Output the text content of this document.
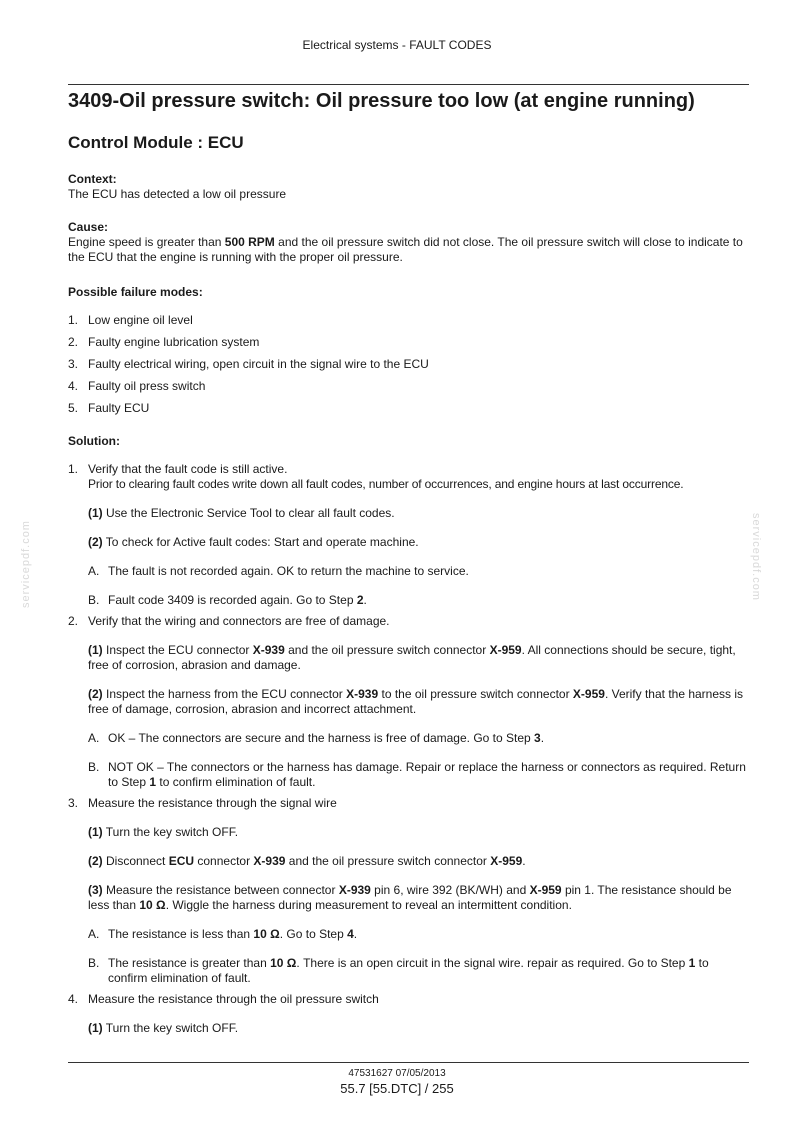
Electrical systems - FAULT CODES
3409-Oil pressure switch: Oil pressure too low (at engine running)
Control Module : ECU

Context:

The ECU has detected a low oil pressure

Cause:

Engine speed is greater than 500 RPM and the oil pressure switch did not close. The oil pressure switch will close to indicate to the ECU that the engine is running with the proper oil pressure.

Possible failure modes:

1. Low engine oil level
2. Faulty engine lubrication system
3. Faulty electrical wiring, open circuit in the signal wire to the ECU
4. Faulty oil press switch
5. Faulty ECU

Solution:

1. Verify that the fault code is still active.
Prior to clearing fault codes write down all fault codes, number of occurrences, and engine hours at last occurrence.

(1) Use the Electronic Service Tool to clear all fault codes.

(2) To check for Active fault codes: Start and operate machine.

A. The fault is not recorded again. OK to return the machine to service.
B. Fault code 3409 is recorded again. Go to Step 2.
2. Verify that the wiring and connectors are free of damage.

(1) Inspect the ECU connector X-939 and the oil pressure switch connector X-959. All connections should be secure, tight, free of corrosion, abrasion and damage.

(2) Inspect the harness from the ECU connector X-939 to the oil pressure switch connector X-959. Verify that the harness is free of damage, corrosion, abrasion and incorrect attachment.

A. OK – The connectors are secure and the harness is free of damage. Go to Step 3.
B. NOT OK – The connectors or the harness has damage. Repair or replace the harness or connectors as required. Return to Step 1 to confirm elimination of fault.
3. Measure the resistance through the signal wire

(1) Turn the key switch OFF.

(2) Disconnect ECU connector X-939 and the oil pressure switch connector X-959.

(3) Measure the resistance between connector X-939 pin 6, wire 392 (BK/WH) and X-959 pin 1. The resistance should be less than 10 Ω. Wiggle the harness during measurement to reveal an intermittent condition.

A. The resistance is less than 10 Ω. Go to Step 4.
B. The resistance is greater than 10 Ω. There is an open circuit in the signal wire. repair as required. Go to Step 1 to confirm elimination of fault.
4. Measure the resistance through the oil pressure switch

(1) Turn the key switch OFF.

servicepdf.com	servicepdf.com
47531627 07/05/2013
55.7 [55.DTC] / 255
